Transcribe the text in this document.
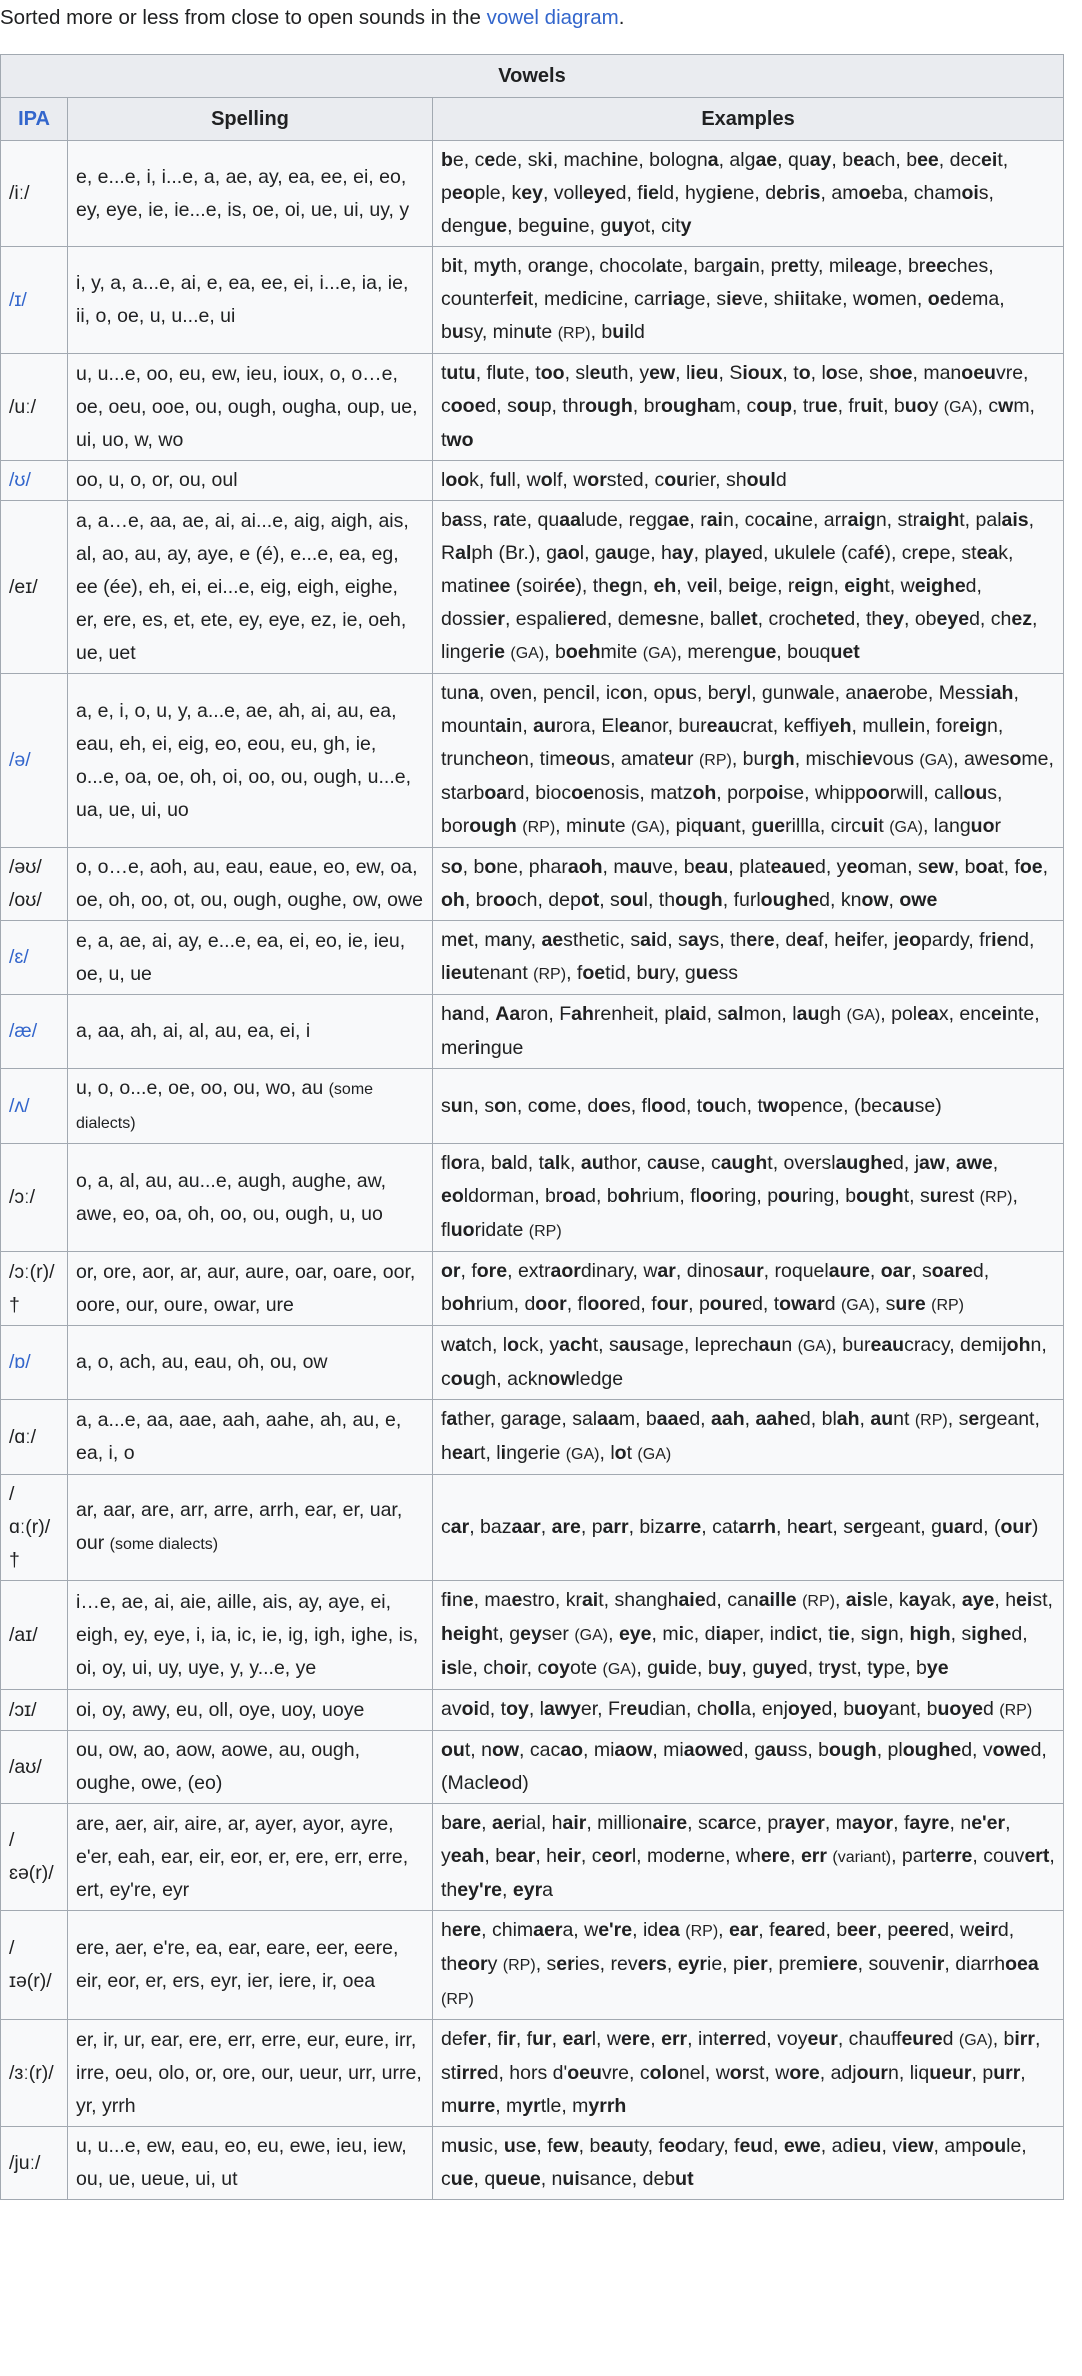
Sorted more or less from close to open sounds in the vowel diagram.

Vowels		
IPA	Spelling	Examples
/iː/	e, e...e, i, i...e, a, ae, ay, ea, ee, ei, eo, ey, eye, ie, ie...e, is, oe, oi, ue, ui, uy, y	be, cede, ski, machine, bologna, algae, quay, beach, bee, deceit, people, key, volleyed, field, hygiene, debris, amoeba, chamois, dengue, beguine, guyot, city
/ɪ/	i, y, a, a...e, ai, e, ea, ee, ei, i...e, ia, ie, ii, o, oe, u, u...e, ui	bit, myth, orange, chocolate, bargain, pretty, mileage, breeches, counterfeit, medicine, carriage, sieve, shiitake, women, oedema, busy, minute (RP), build
/uː/	u, u...e, oo, eu, ew, ieu, ioux, o, o…e, oe, oeu, ooe, ou, ough, ougha, oup, ue, ui, uo, w, wo	tutu, flute, too, sleuth, yew, lieu, Sioux, to, lose, shoe, manoeuvre, cooed, soup, through, brougham, coup, true, fruit, buoy (GA), cwm, two
/ʊ/	oo, u, o, or, ou, oul	look, full, wolf, worsted, courier, should
/eɪ/	a, a…e, aa, ae, ai, ai...e, aig, aigh, ais, al, ao, au, ay, aye, e (é), e...e, ea, eg, ee (ée), eh, ei, ei...e, eig, eigh, eighe, er, ere, es, et, ete, ey, eye, ez, ie, oeh, ue, uet	bass, rate, quaalude, reggae, rain, cocaine, arraign, straight, palais, Ralph (Br.), gaol, gauge, hay, played, ukulele (café), crepe, steak, matinee (soirée), thegn, eh, veil, beige, reign, eight, weighed, dossier, espaliered, demesne, ballet, crocheted, they, obeyed, chez, lingerie (GA), boehmite (GA), merengue, bouquet
/ə/	a, e, i, o, u, y, a...e, ae, ah, ai, au, ea, eau, eh, ei, eig, eo, eou, eu, gh, ie, o...e, oa, oe, oh, oi, oo, ou, ough, u...e, ua, ue, ui, uo	tuna, oven, pencil, icon, opus, beryl, gunwale, anaerobe, Messiah, mountain, aurora, Eleanor, bureaucrat, keffiyeh, mullein, foreign, truncheon, timeous, amateur (RP), burgh, mischievous (GA), awesome, starboard, biocoenosis, matzoh, porpoise, whippoorwill, callous, borough (RP), minute (GA), piquant, guerillla, circuit (GA), languor
/əʊ/ /oʊ/	o, o…e, aoh, au, eau, eaue, eo, ew, oa, oe, oh, oo, ot, ou, ough, oughe, ow, owe	so, bone, pharaoh, mauve, beau, plateaued, yeoman, sew, boat, foe, oh, brooch, depot, soul, though, furloughed, know, owe
/ɛ/	e, a, ae, ai, ay, e...e, ea, ei, eo, ie, ieu, oe, u, ue	met, many, aesthetic, said, says, there, deaf, heifer, jeopardy, friend, lieutenant (RP), foetid, bury, guess
/æ/	a, aa, ah, ai, al, au, ea, ei, i	hand, Aaron, Fahrenheit, plaid, salmon, laugh (GA), poleax, enceinte, meringue
/ʌ/	u, o, o...e, oe, oo, ou, wo, au (some dialects)	sun, son, come, does, flood, touch, twopence, (because)
/ɔː/	o, a, al, au, au...e, augh, aughe, aw, awe, eo, oa, oh, oo, ou, ough, u, uo	flora, bald, talk, author, cause, caught, overslaughed, jaw, awe, eoldorman, broad, bohrium, flooring, pouring, bought, surest (RP), fluoridate (RP)
/ɔː(r)/ †	or, ore, aor, ar, aur, aure, oar, oare, oor, oore, our, oure, owar, ure	or, fore, extraordinary, war, dinosaur, roquelaure, oar, soared, bohrium, door, floored, four, poured, toward (GA), sure (RP)
/ɒ/	a, o, ach, au, eau, oh, ou, ow	watch, lock, yacht, sausage, leprechaun (GA), bureaucracy, demijohn, cough, acknowledge
/ɑː/	a, a...e, aa, aae, aah, aahe, ah, au, e, ea, i, o	father, garage, salaam, baaed, aah, aahed, blah, aunt (RP), sergeant, heart, lingerie (GA), lot (GA)
/ ɑː(r)/ †	ar, aar, are, arr, arre, arrh, ear, er, uar, our (some dialects)	car, bazaar, are, parr, bizarre, catarrh, heart, sergeant, guard, (our)
/aɪ/	i…e, ae, ai, aie, aille, ais, ay, aye, ei, eigh, ey, eye, i, ia, ic, ie, ig, igh, ighe, is, oi, oy, ui, uy, uye, y, y...e, ye	fine, maestro, krait, shanghaied, canaille (RP), aisle, kayak, aye, heist, height, geyser (GA), eye, mic, diaper, indict, tie, sign, high, sighed, isle, choir, coyote (GA), guide, buy, guyed, tryst, type, bye
/ɔɪ/	oi, oy, awy, eu, oll, oye, uoy, uoye	avoid, toy, lawyer, Freudian, cholla, enjoyed, buoyant, buoyed (RP)
/aʊ/	ou, ow, ao, aow, aowe, au, ough, oughe, owe, (eo)	out, now, cacao, miaow, miaowed, gauss, bough, ploughed, vowed, (Macleod)
/ ɛə(r)/	are, aer, air, aire, ar, ayer, ayor, ayre, e'er, eah, ear, eir, eor, er, ere, err, erre, ert, ey're, eyr	bare, aerial, hair, millionaire, scarce, prayer, mayor, fayre, ne'er, yeah, bear, heir, ceorl, moderne, where, err (variant), parterre, couvert, they're, eyra
/ ɪə(r)/	ere, aer, e're, ea, ear, eare, eer, eere, eir, eor, er, ers, eyr, ier, iere, ir, oea	here, chimaera, we're, idea (RP), ear, feared, beer, peered, weird, theory (RP), series, revers, eyrie, pier, premiere, souvenir, diarrhoea (RP)
/ɜː(r)/	er, ir, ur, ear, ere, err, erre, eur, eure, irr, irre, oeu, olo, or, ore, our, ueur, urr, urre, yr, yrrh	defer, fir, fur, earl, were, err, interred, voyeur, chauffeured (GA), birr, stirred, hors d'oeuvre, colonel, worst, wore, adjourn, liqueur, purr, murre, myrtle, myrrh
/juː/	u, u...e, ew, eau, eo, eu, ewe, ieu, iew, ou, ue, ueue, ui, ut	music, use, few, beauty, feodary, feud, ewe, adieu, view, ampoule, cue, queue, nuisance, debut
